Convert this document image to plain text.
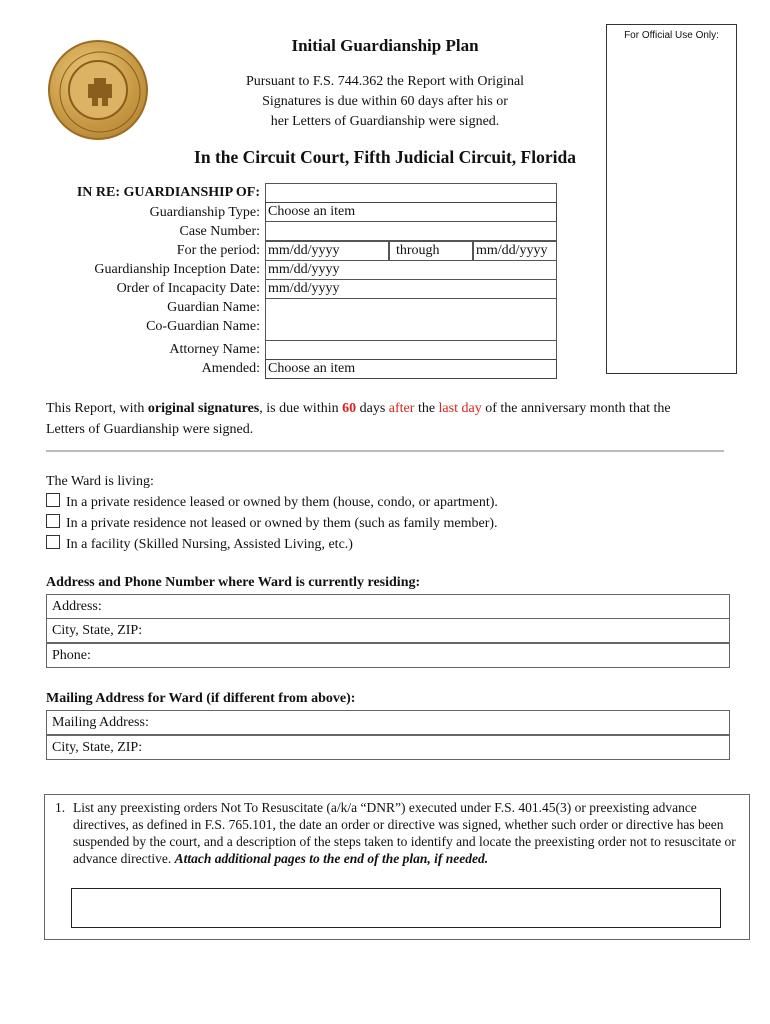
Initial Guardianship Plan
Pursuant to F.S. 744.362 the Report with Original
Signatures is due within 60 days after his or
her Letters of Guardianship were signed.
For Official Use Only:
In the Circuit Court, Fifth Judicial Circuit, Florida
IN RE: GUARDIANSHIP OF:
Guardianship Type:
Case Number:
For the period:
Guardianship Inception Date:
Order of Incapacity Date:
Guardian Name:
Co-Guardian Name:
Attorney Name:
Amended:
Choose an item
mm/dd/yyyy	through	mm/dd/yyyy
mm/dd/yyyy
mm/dd/yyyy
Choose an item
This Report, with original signatures, is due within 60 days after the last day of the anniversary month that the
Letters of Guardianship were signed.
The Ward is living:
In a private residence leased or owned by them (house, condo, or apartment).
In a private residence not leased or owned by them (such as family member).
In a facility (Skilled Nursing, Assisted Living, etc.)
Address and Phone Number where Ward is currently residing:
Address:
City, State, ZIP:
Phone:
Mailing Address for Ward (if different from above):
Mailing Address:
City, State, ZIP:
1. List any preexisting orders Not To Resuscitate (a/k/a “DNR”) executed under F.S. 401.45(3) or preexisting advance directives, as defined in F.S. 765.101, the date an order or directive was signed, whether such order or directive has been suspended by the court, and a description of the steps taken to identify and locate the preexisting order not to resuscitate or advance directive. Attach additional pages to the end of the plan, if needed.
